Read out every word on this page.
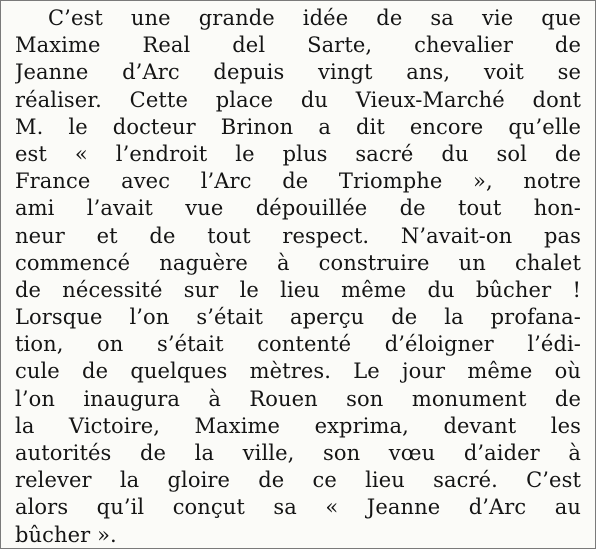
C’est une grande idée de sa vie que
Maxime Real del Sarte, chevalier de
Jeanne d’Arc depuis vingt ans, voit se
réaliser. Cette place du Vieux-Marché dont
M. le docteur Brinon a dit encore qu’elle
est « l’endroit le plus sacré du sol de
France avec l’Arc de Triomphe », notre
ami l’avait vue dépouillée de tout hon-
neur et de tout respect. N’avait-on pas
commencé naguère à construire un chalet
de nécessité sur le lieu même du bûcher !
Lorsque l’on s’était aperçu de la profana-
tion, on s’était contenté d’éloigner l’édi-
cule de quelques mètres. Le jour même où
l’on inaugura à Rouen son monument de
la Victoire, Maxime exprima, devant les
autorités de la ville, son vœu d’aider à
relever la gloire de ce lieu sacré. C’est
alors qu’il conçut sa « Jeanne d’Arc au
bûcher ».
